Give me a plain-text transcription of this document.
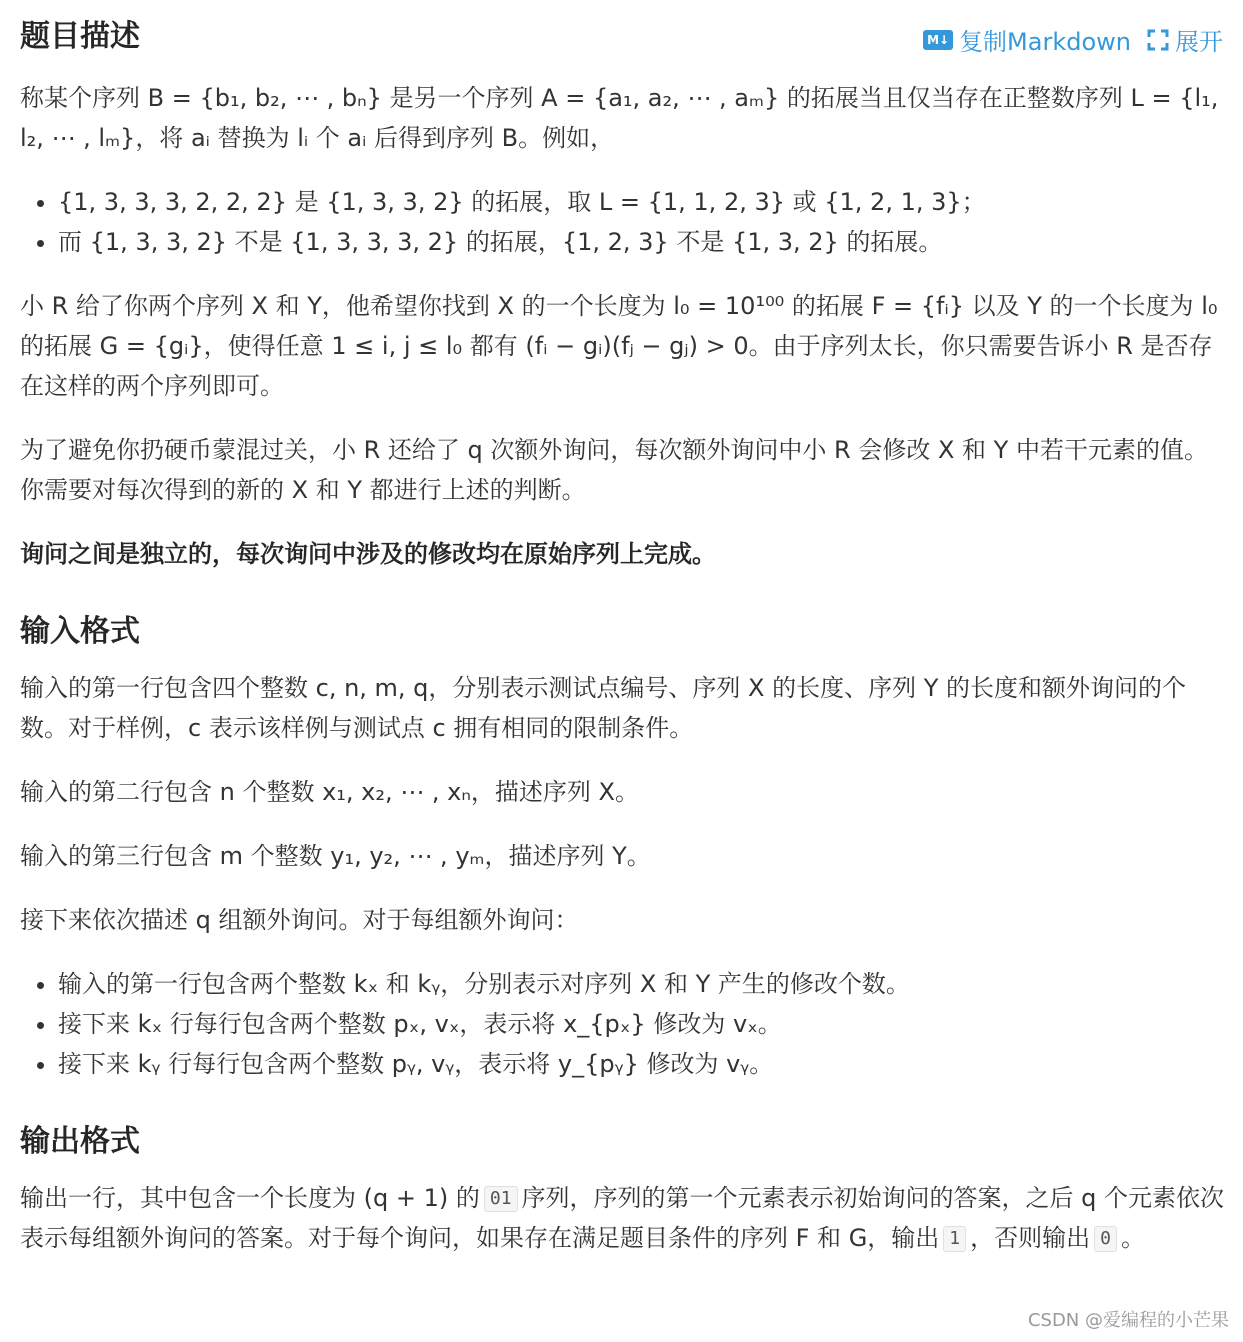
题目描述	M↓ 复制Markdown 展开

称某个序列 B = {b₁, b₂, ⋯ , bₙ} 是另一个序列 A = {a₁, a₂, ⋯ , aₘ} 的拓展当且仅当存在正整数序列 L = {l₁, l₂, ⋯ , lₘ}，将 aᵢ 替换为 lᵢ 个 aᵢ 后得到序列 B。例如，

• {1, 3, 3, 3, 2, 2, 2} 是 {1, 3, 3, 2} 的拓展，取 L = {1, 1, 2, 3} 或 {1, 2, 1, 3}；
• 而 {1, 3, 3, 2} 不是 {1, 3, 3, 3, 2} 的拓展，{1, 2, 3} 不是 {1, 3, 2} 的拓展。

小 R 给了你两个序列 X 和 Y，他希望你找到 X 的一个长度为 l₀ = 10¹⁰⁰ 的拓展 F = {fᵢ} 以及 Y 的一个长度为 l₀ 的拓展 G = {gᵢ}，使得任意 1 ≤ i, j ≤ l₀ 都有 (fᵢ − gᵢ)(fⱼ − gⱼ) > 0。由于序列太长，你只需要告诉小 R 是否存在这样的两个序列即可。

为了避免你扔硬币蒙混过关，小 R 还给了 q 次额外询问，每次额外询问中小 R 会修改 X 和 Y 中若干元素的值。你需要对每次得到的新的 X 和 Y 都进行上述的判断。

询问之间是独立的，每次询问中涉及的修改均在原始序列上完成。

输入格式

输入的第一行包含四个整数 c, n, m, q，分别表示测试点编号、序列 X 的长度、序列 Y 的长度和额外询问的个数。对于样例，c 表示该样例与测试点 c 拥有相同的限制条件。

输入的第二行包含 n 个整数 x₁, x₂, ⋯ , xₙ，描述序列 X。

输入的第三行包含 m 个整数 y₁, y₂, ⋯ , yₘ，描述序列 Y。

接下来依次描述 q 组额外询问。对于每组额外询问：

• 输入的第一行包含两个整数 kₓ 和 kᵧ，分别表示对序列 X 和 Y 产生的修改个数。
• 接下来 kₓ 行每行包含两个整数 pₓ, vₓ，表示将 x_{pₓ} 修改为 vₓ。
• 接下来 kᵧ 行每行包含两个整数 pᵧ, vᵧ，表示将 y_{pᵧ} 修改为 vᵧ。
输出格式

输出一行，其中包含一个长度为 (q + 1) 的 01 序列，序列的第一个元素表示初始询问的答案，之后 q 个元素依次表示每组额外询问的答案。对于每个询问，如果存在满足题目条件的序列 F 和 G，输出 1 ，否则输出 0 。

CSDN @爱编程的小芒果
